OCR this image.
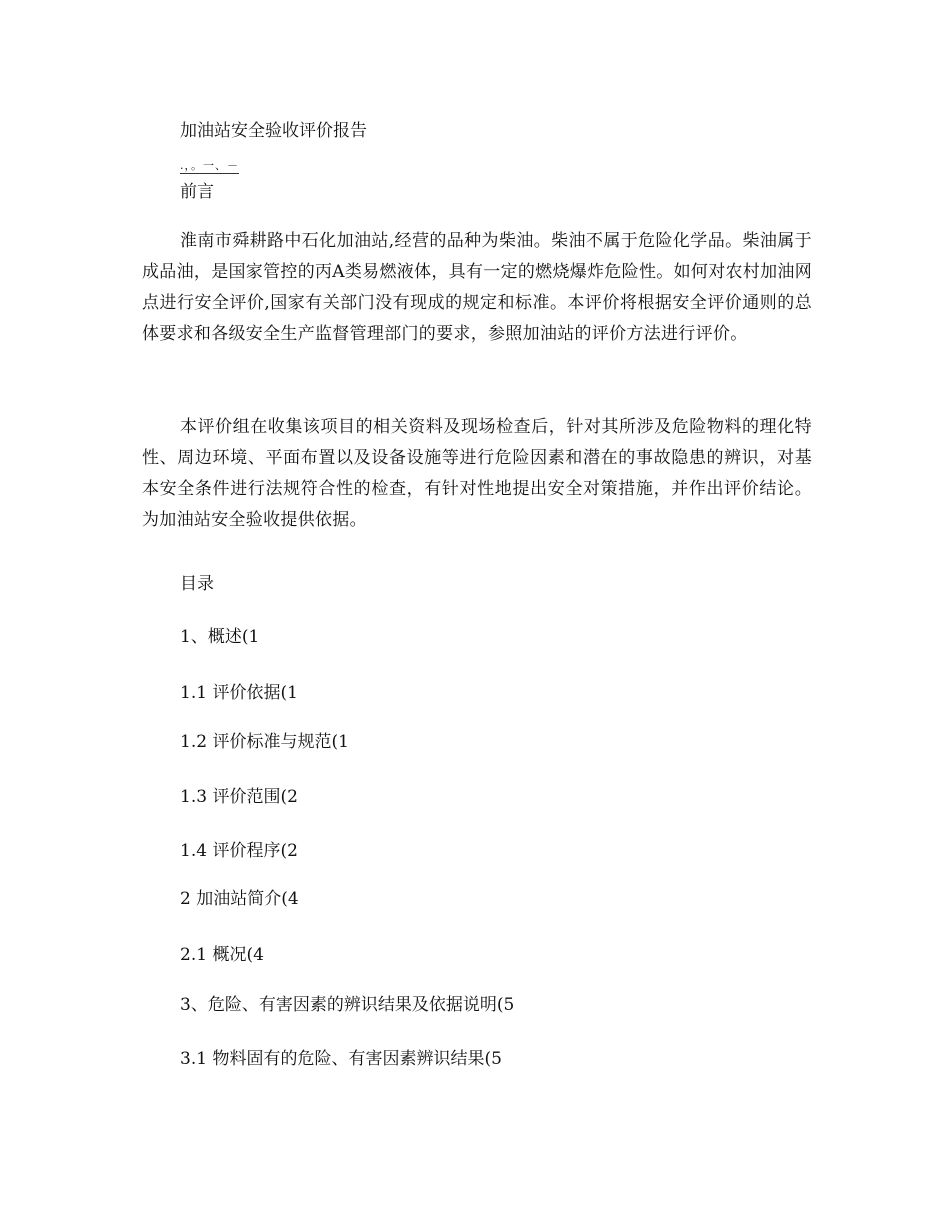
加油站安全验收评价报告
.，。一、－
前言
淮南市舜耕路中石化加油站,经营的品种为柴油。柴油不属于危险化学品。柴油属于成品油，是国家管控的丙A类易燃液体，具有一定的燃烧爆炸危险性。如何对农村加油网点进行安全评价,国家有关部门没有现成的规定和标准。本评价将根据安全评价通则的总体要求和各级安全生产监督管理部门的要求，参照加油站的评价方法进行评价。
本评价组在收集该项目的相关资料及现场检查后，针对其所涉及危险物料的理化特性、周边环境、平面布置以及设备设施等进行危险因素和潜在的事故隐患的辨识，对基本安全条件进行法规符合性的检查，有针对性地提出安全对策措施，并作出评价结论。为加油站安全验收提供依据。
目录
1、概述(1
1.1 评价依据(1
1.2 评价标准与规范(1
1.3 评价范围(2
1.4 评价程序(2
2 加油站简介(4
2.1 概况(4
3、危险、有害因素的辨识结果及依据说明(5
3.1 物料固有的危险、有害因素辨识结果(5
